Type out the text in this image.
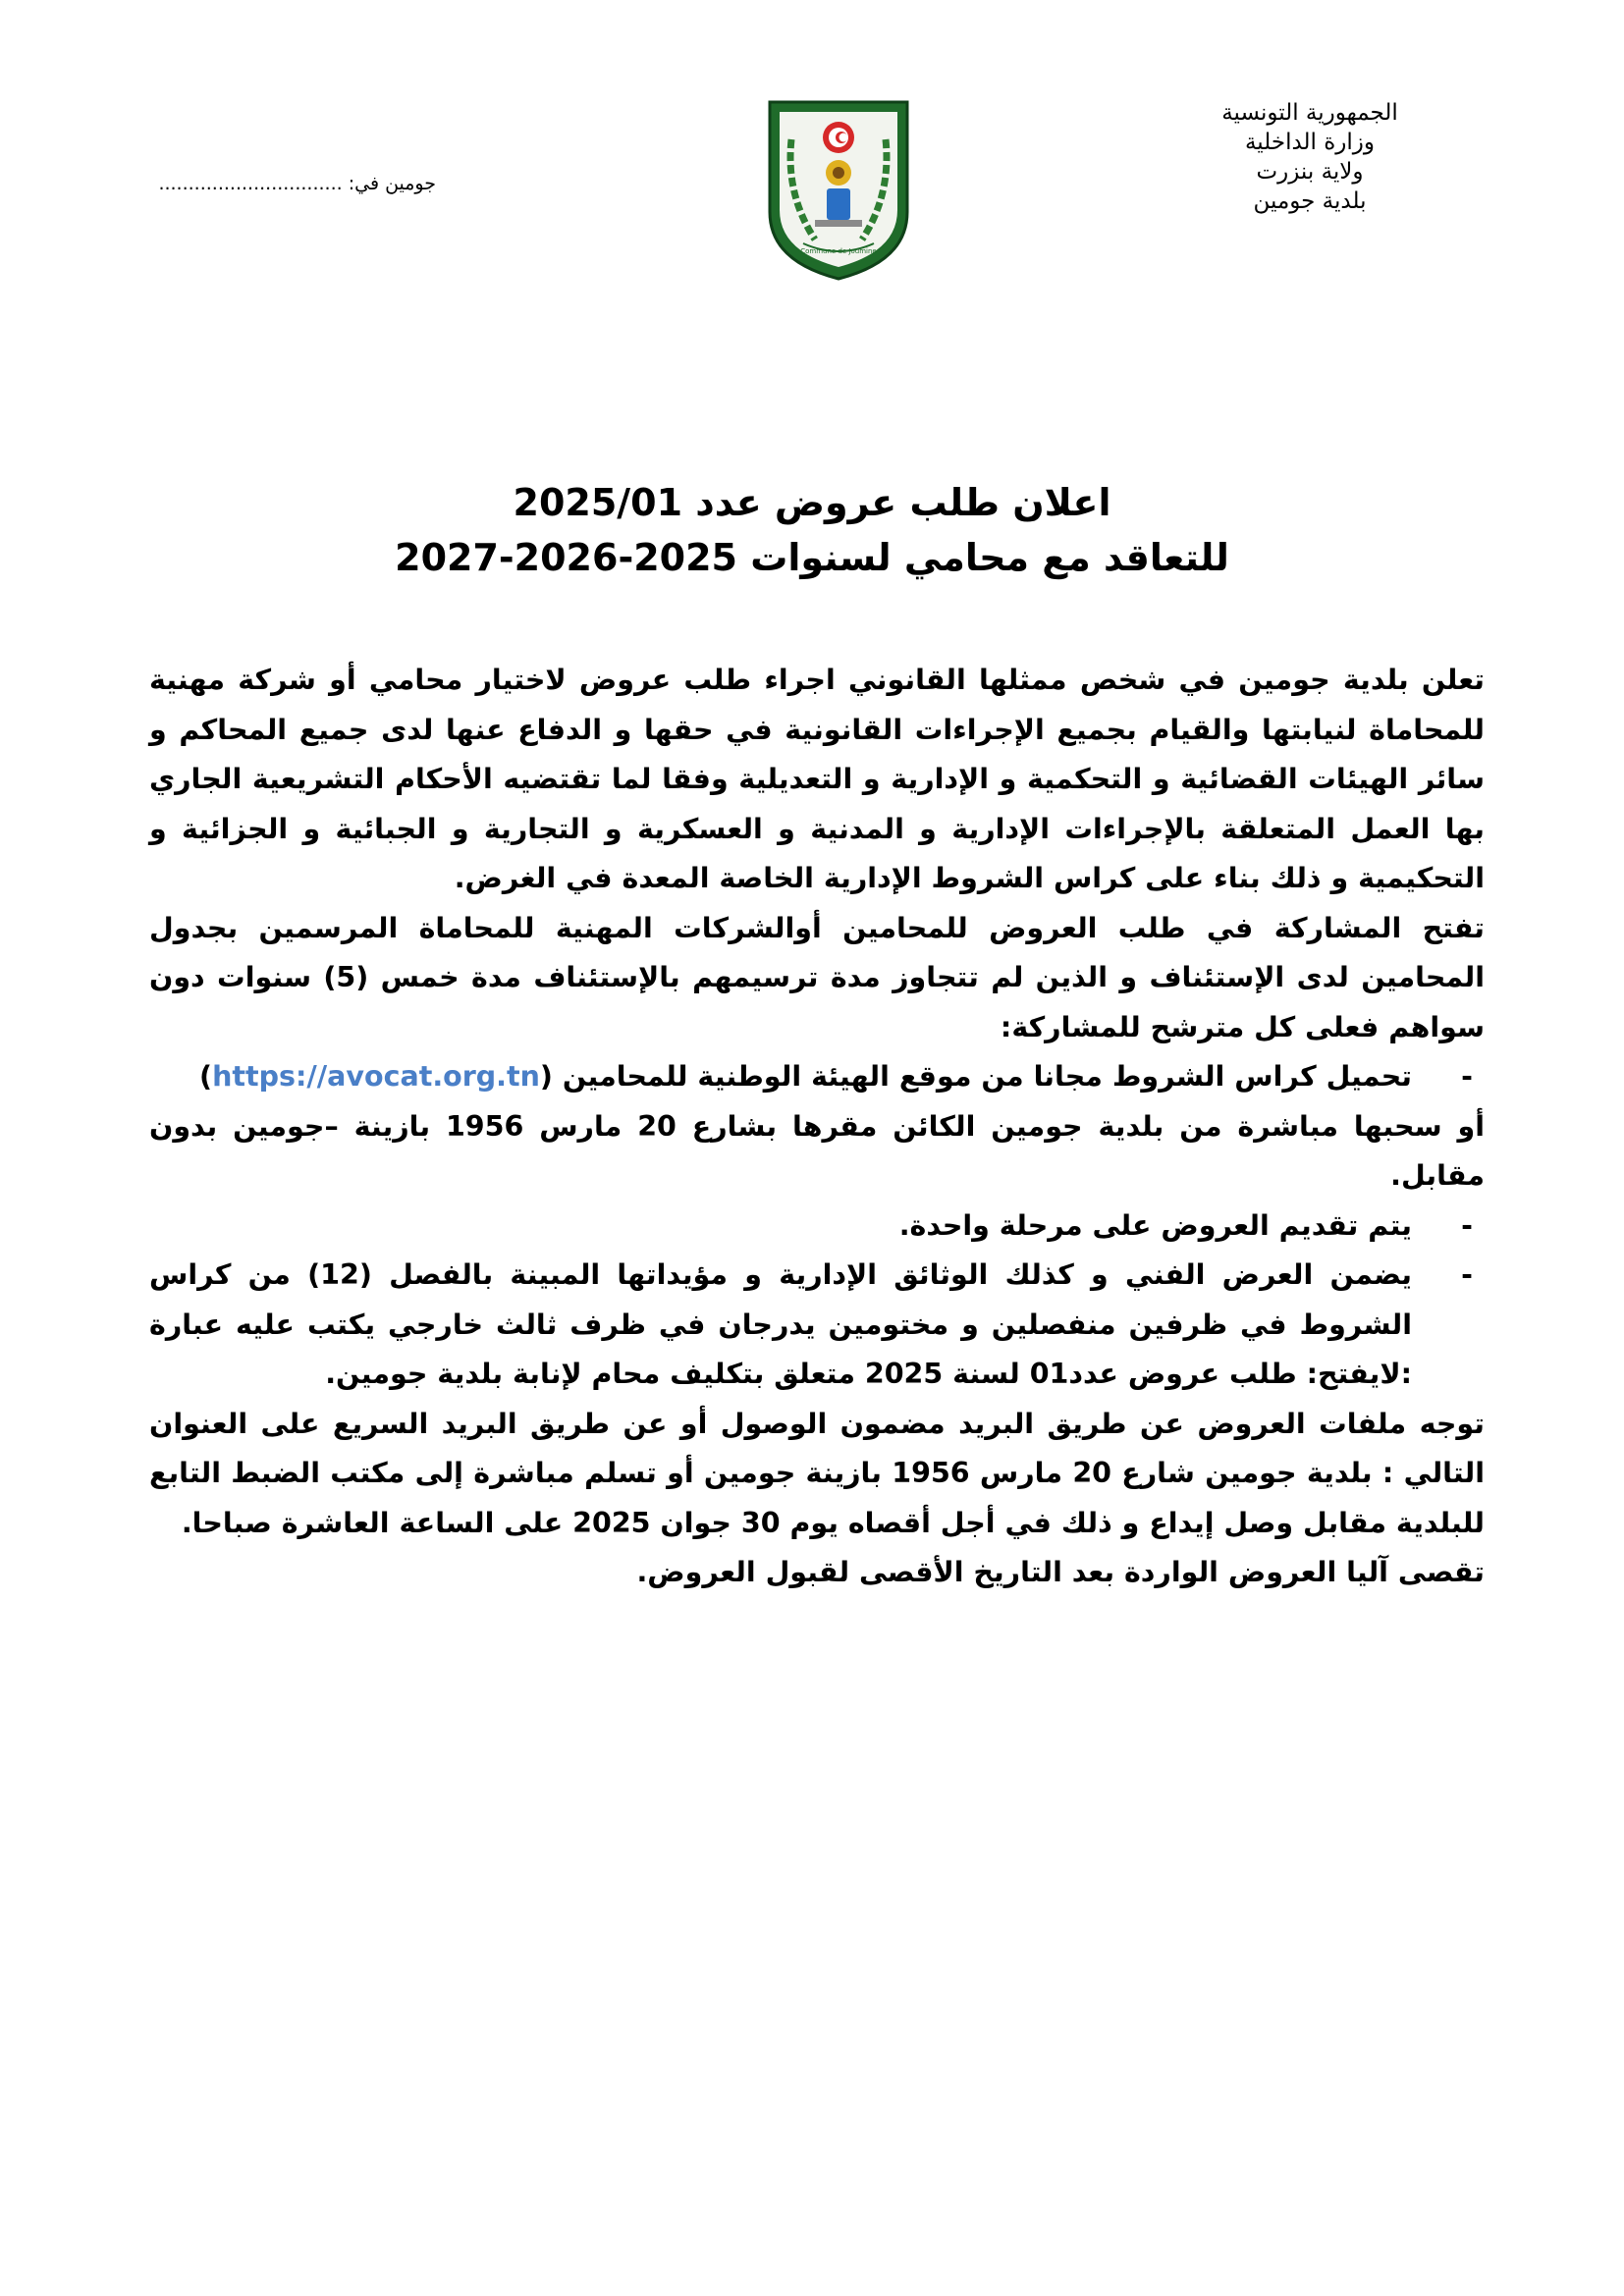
الجمهورية التونسية
وزارة الداخلية
ولاية بنزرت
بلدية جومين
جومين في: ...............................
Commune de Joumine
اعلان طلب عروض عدد 2025/01
للتعاقد مع محامي لسنوات 2025-2026-2027

تعلن بلدية جومين في شخص ممثلها القانوني اجراء طلب عروض لاختيار محامي أو شركة مهنية للمحاماة لنيابتها والقيام بجميع الإجراءات القانونية في حقها و الدفاع عنها لدى جميع المحاكم و سائر الهيئات القضائية و التحكمية و الإدارية و التعديلية وفقا لما تقتضيه الأحكام التشريعية الجاري بها العمل المتعلقة بالإجراءات الإدارية و المدنية و العسكرية و التجارية و الجبائية و الجزائية و التحكيمية و ذلك بناء على كراس الشروط الإدارية الخاصة المعدة في الغرض.

تفتح المشاركة في طلب العروض للمحامين أوالشركات المهنية للمحاماة المرسمين بجدول المحامين لدى الإستئناف و الذين لم تتجاوز مدة ترسيمهم بالإستئناف مدة خمس (5) سنوات دون سواهم فعلى كل مترشح للمشاركة:

-
تحميل كراس الشروط مجانا من موقع الهيئة الوطنية للمحامين (https://avocat.org.tn)

أو سحبها مباشرة من بلدية جومين الكائن مقرها بشارع 20 مارس 1956 بازينة –جومين بدون مقابل.

-
يتم تقديم العروض على مرحلة واحدة.
-
يضمن العرض الفني و كذلك الوثائق الإدارية و مؤيداتها المبينة بالفصل (12) من كراس الشروط في ظرفين منفصلين و مختومين يدرجان في ظرف ثالث خارجي يكتب عليه عبارة :لايفتح: طلب عروض عدد01 لسنة 2025 متعلق بتكليف محام لإنابة بلدية جومين.

توجه ملفات العروض عن طريق البريد مضمون الوصول أو عن طريق البريد السريع على العنوان التالي : بلدية جومين شارع 20 مارس 1956 بازينة جومين أو تسلم مباشرة إلى مكتب الضبط التابع للبلدية مقابل وصل إيداع و ذلك في أجل أقصاه يوم 30 جوان 2025 على الساعة العاشرة صباحا.

تقصى آليا العروض الواردة بعد التاريخ الأقصى لقبول العروض.
